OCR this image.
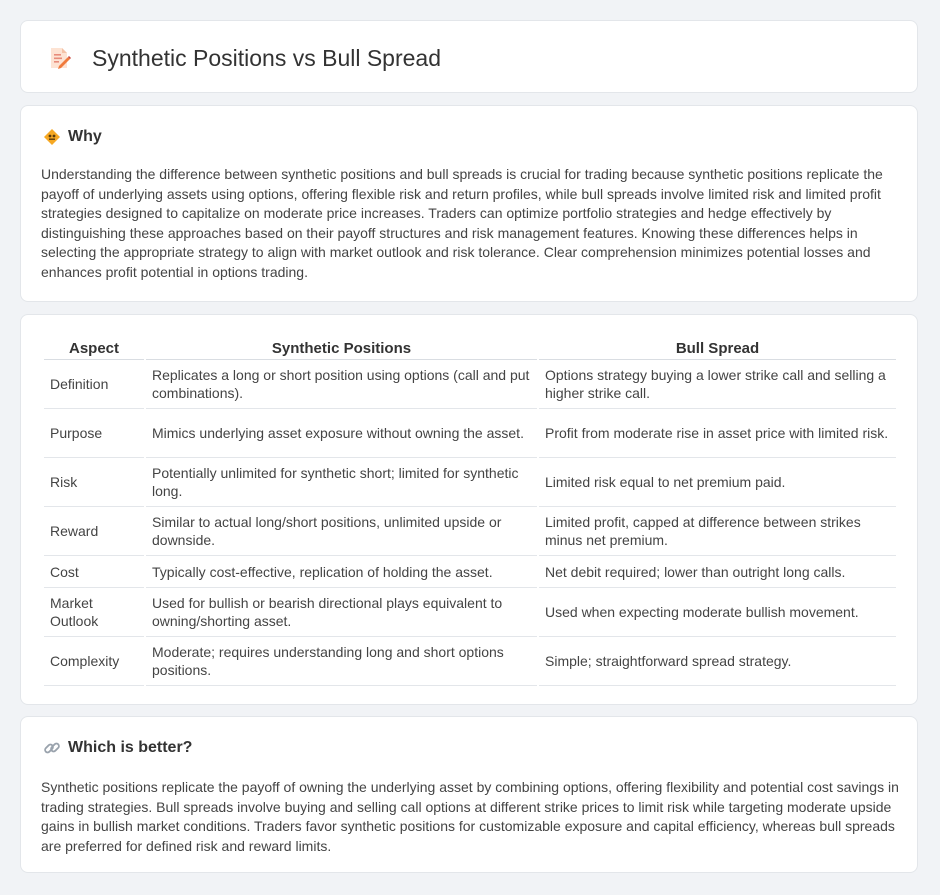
Synthetic Positions vs Bull Spread
Why

Understanding the difference between synthetic positions and bull spreads is crucial for trading because synthetic positions replicate the payoff of underlying assets using options, offering flexible risk and return profiles, while bull spreads involve limited risk and limited profit strategies designed to capitalize on moderate price increases. Traders can optimize portfolio strategies and hedge effectively by distinguishing these approaches based on their payoff structures and risk management features. Knowing these differences helps in selecting the appropriate strategy to align with market outlook and risk tolerance. Clear comprehension minimizes potential losses and enhances profit potential in options trading.

Aspect	Synthetic Positions	Bull Spread
Definition	Replicates a long or short position using options (call and put combinations).	Options strategy buying a lower strike call and selling a higher strike call.
Purpose	Mimics underlying asset exposure without owning the asset.	Profit from moderate rise in asset price with limited risk.
Risk	Potentially unlimited for synthetic short; limited for synthetic long.	Limited risk equal to net premium paid.
Reward	Similar to actual long/short positions, unlimited upside or downside.	Limited profit, capped at difference between strikes minus net premium.
Cost	Typically cost-effective, replication of holding the asset.	Net debit required; lower than outright long calls.
Market Outlook	Used for bullish or bearish directional plays equivalent to owning/shorting asset.	Used when expecting moderate bullish movement.
Complexity	Moderate; requires understanding long and short options positions.	Simple; straightforward spread strategy.
Which is better?

Synthetic positions replicate the payoff of owning the underlying asset by combining options, offering flexibility and potential cost savings in trading strategies. Bull spreads involve buying and selling call options at different strike prices to limit risk while targeting moderate upside gains in bullish market conditions. Traders favor synthetic positions for customizable exposure and capital efficiency, whereas bull spreads are preferred for defined risk and reward limits.
